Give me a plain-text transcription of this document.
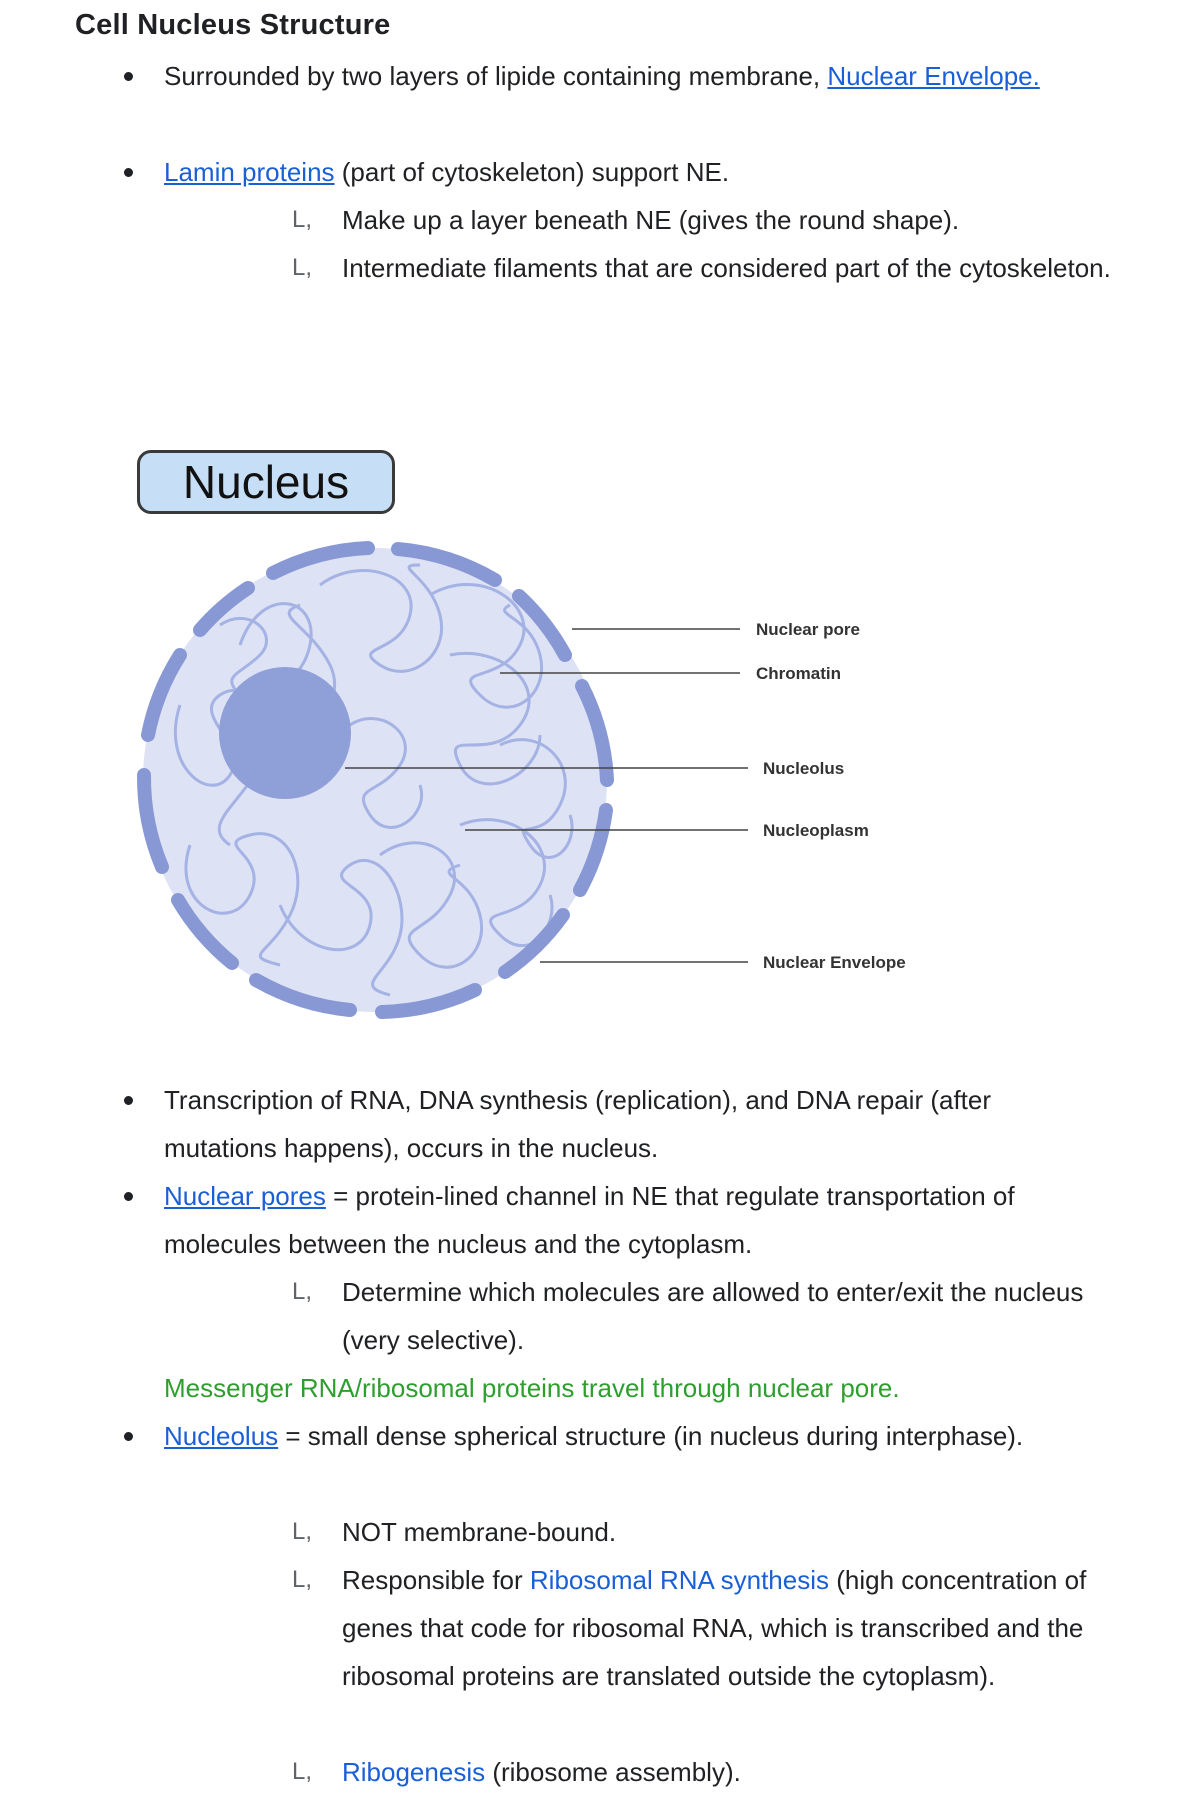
Cell Nucleus Structure
Surrounded by two layers of lipide containing membrane, Nuclear Envelope.
Lamin proteins (part of cytoskeleton) support NE.
L, Make up a layer beneath NE (gives the round shape).
L, Intermediate filaments that are considered part of the cytoskeleton.
Nucleus
Nuclear pore
Chromatin
Nucleolus
Nucleoplasm
Nuclear Envelope
Transcription of RNA, DNA synthesis (replication), and DNA repair (after mutations happens), occurs in the nucleus.
Nuclear pores = protein-lined channel in NE that regulate transportation of molecules between the nucleus and the cytoplasm.
L, Determine which molecules are allowed to enter/exit the nucleus (very selective).
Messenger RNA/ribosomal proteins travel through nuclear pore.
Nucleolus = small dense spherical structure (in nucleus during interphase).
L, NOT membrane-bound.
L, Responsible for Ribosomal RNA synthesis (high concentration of genes that code for ribosomal RNA, which is transcribed and the ribosomal proteins are translated outside the cytoplasm).
L, Ribogenesis (ribosome assembly).
